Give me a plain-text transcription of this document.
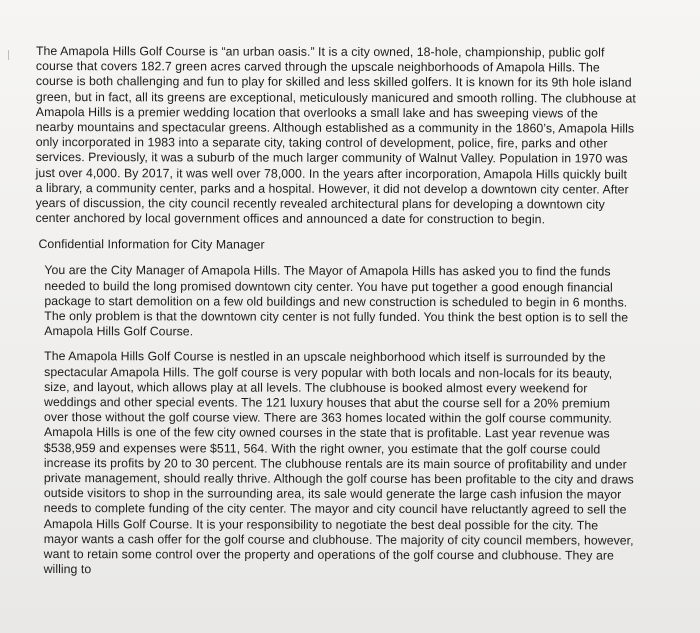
The Amapola Hills Golf Course is “an urban oasis.” It is a city owned, 18-hole, championship, public golf course that covers 182.7 green acres carved through the upscale neighborhoods of Amapola Hills. The course is both challenging and fun to play for skilled and less skilled golfers. It is known for its 9th hole island green, but in fact, all its greens are exceptional, meticulously manicured and smooth rolling. The clubhouse at Amapola Hills is a premier wedding location that overlooks a small lake and has sweeping views of the nearby mountains and spectacular greens. Although established as a community in the 1860’s, Amapola Hills only incorporated in 1983 into a separate city, taking control of development, police, fire, parks and other services. Previously, it was a suburb of the much larger community of Walnut Valley. Population in 1970 was just over 4,000. By 2017, it was well over 78,000. In the years after incorporation, Amapola Hills quickly built a library, a community center, parks and a hospital. However, it did not develop a downtown city center. After years of discussion, the city council recently revealed architectural plans for developing a downtown city center anchored by local government offices and announced a date for construction to begin.

Confidential Information for City Manager

You are the City Manager of Amapola Hills. The Mayor of Amapola Hills has asked you to find the funds needed to build the long promised downtown city center. You have put together a good enough financial package to start demolition on a few old buildings and new construction is scheduled to begin in 6 months. The only problem is that the downtown city center is not fully funded. You think the best option is to sell the Amapola Hills Golf Course.

The Amapola Hills Golf Course is nestled in an upscale neighborhood which itself is surrounded by the spectacular Amapola Hills. The golf course is very popular with both locals and non-locals for its beauty, size, and layout, which allows play at all levels. The clubhouse is booked almost every weekend for weddings and other special events. The 121 luxury houses that abut the course sell for a 20% premium over those without the golf course view. There are 363 homes located within the golf course community. Amapola Hills is one of the few city owned courses in the state that is profitable. Last year revenue was $538,959 and expenses were $511, 564. With the right owner, you estimate that the golf course could increase its profits by 20 to 30 percent. The clubhouse rentals are its main source of profitability and under private management, should really thrive. Although the golf course has been profitable to the city and draws outside visitors to shop in the surrounding area, its sale would generate the large cash infusion the mayor needs to complete funding of the city center. The mayor and city council have reluctantly agreed to sell the Amapola Hills Golf Course. It is your responsibility to negotiate the best deal possible for the city. The mayor wants a cash offer for the golf course and clubhouse. The majority of city council members, however, want to retain some control over the property and operations of the golf course and clubhouse. They are willing to
